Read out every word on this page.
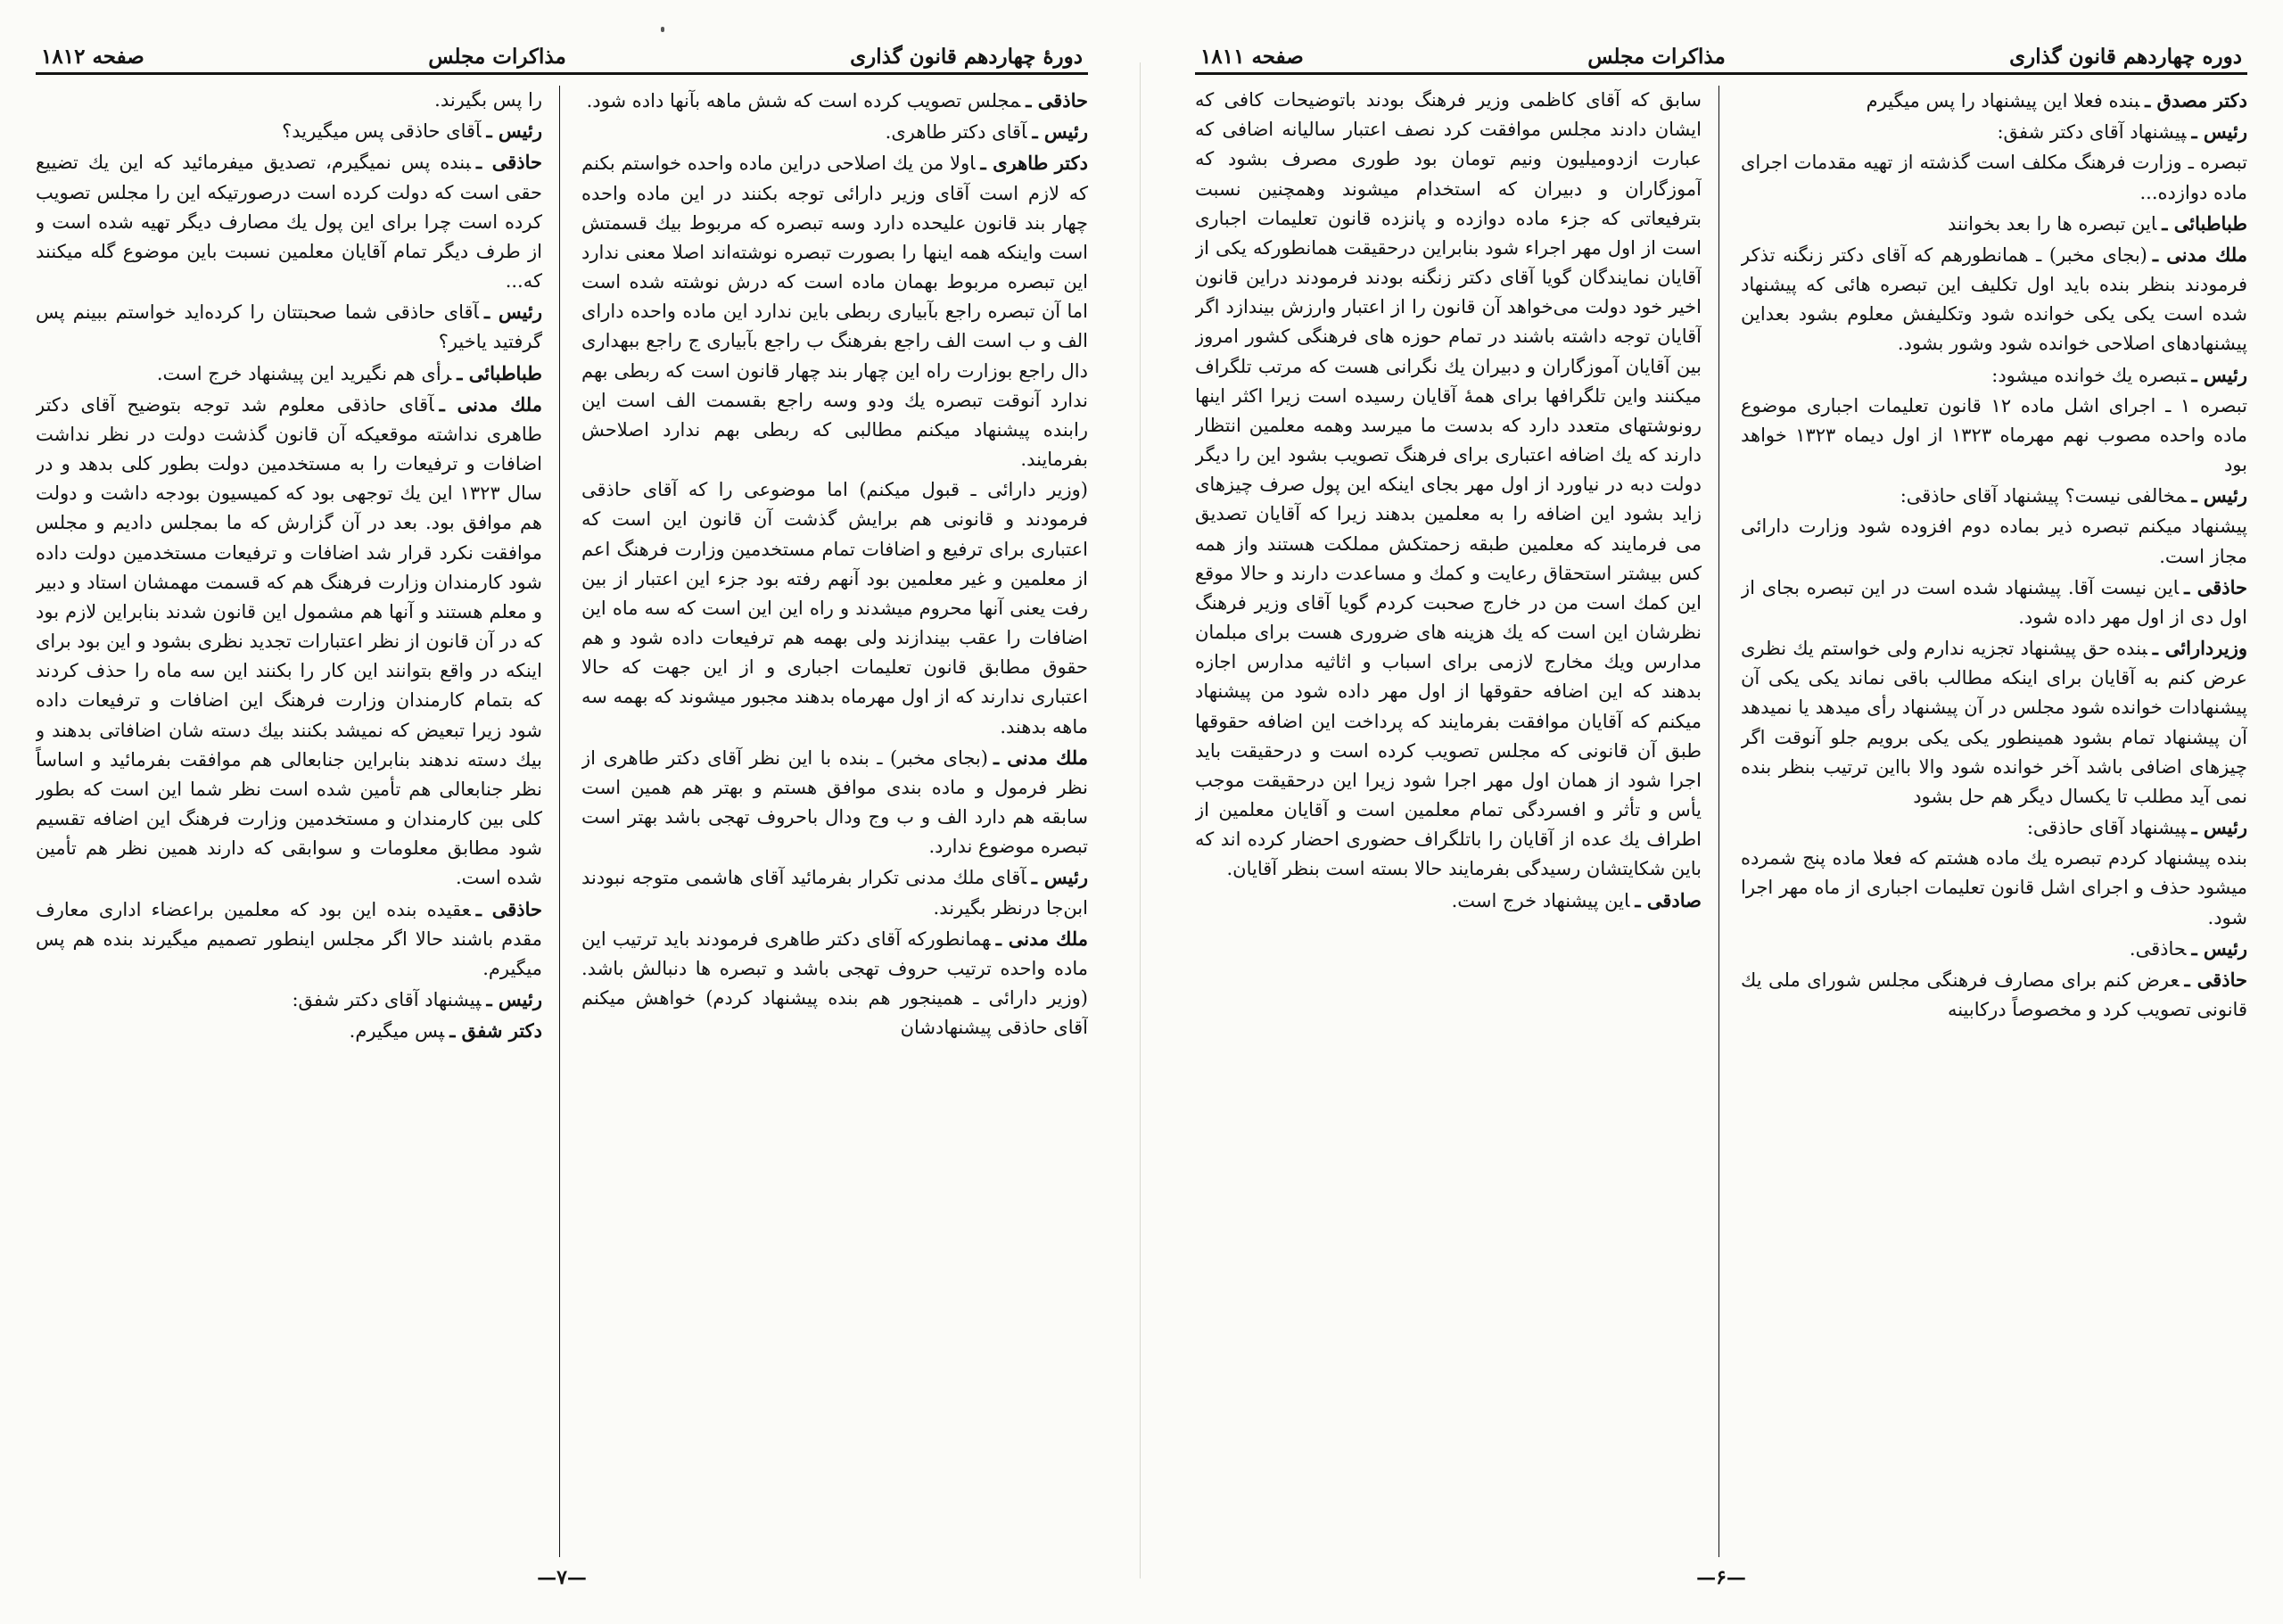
دورهٔ چهاردهم قانون گذاری
مذاکرات مجلس
صفحه ۱۸۱۲

حاذقی ـمجلس تصویب کرده است که شش ماهه بآنها داده شود.

رئیس ـآقای دکتر طاهری.

دکتر طاهری ـاولا من یك اصلاحی دراین ماده واحده خواستم بکنم که لازم است آقای وزیر دارائی توجه بکنند در این ماده واحده چهار بند قانون علیحده دارد وسه تبصره که مربوط بیك قسمتش است واینکه همه اینها را بصورت تبصره نوشته‌اند اصلا معنی ندارد این تبصره مربوط بهمان ماده است که درش نوشته شده است اما آن تبصره راجع بآبیاری ربطی باین ندارد این ماده واحده دارای الف و ب است الف راجع بفرهنگ ب راجع بآبیاری ج راجع ببهداری دال راجع بوزارت راه این چهار بند چهار قانون است که ربطی بهم ندارد آنوقت تبصره یك ودو وسه راجع بقسمت الف است این رابنده پیشنهاد میکنم مطالبی که ربطی بهم ندارد اصلاحش بفرمایند.

(وزیر دارائی ـ قبول میکنم) اما موضوعی را که آقای حاذقی فرمودند و قانونی هم برایش گذشت آن قانون این است که اعتباری برای ترفیع و اضافات تمام مستخدمین وزارت فرهنگ اعم از معلمین و غیر معلمین بود آنهم رفته بود جزء این اعتبار از بین رفت یعنی آنها محروم میشدند و راه این این است که سه ماه این اضافات را عقب بیندازند ولی بهمه هم ترفیعات داده شود و هم حقوق مطابق قانون تعلیمات اجباری و از این جهت که حالا اعتباری ندارند که از اول مهرماه بدهند مجبور میشوند که بهمه سه ماهه بدهند.

ملك مدنی ـ(بجای مخبر) ـ بنده با این نظر آقای دکتر طاهری از نظر فرمول و ماده بندی موافق هستم و بهتر هم همین است سابقه هم دارد الف و ب وج ودال باحروف تهجی باشد بهتر است تبصره موضوع ندارد.

رئیس ـآقای ملك مدنی تکرار بفرمائید آقای هاشمی متوجه نبودند ابن‌جا درنظر بگیرند.

ملك مدنی ـهمانطورکه آقای دکتر طاهری فرمودند باید ترتیب این ماده واحده ترتیب حروف تهجی باشد و تبصره ها دنبالش باشد. (وزیر دارائی ـ همینجور هم بنده پیشنهاد کردم) خواهش میکنم آقای حاذقی پیشنهادشان

را پس بگیرند.

رئیس ـآقای حاذقی پس میگیرید؟

حاذقی ـبنده پس نمیگیرم، تصدیق میفرمائید که این یك تضییع حقی است که دولت کرده است درصورتیکه این را مجلس تصویب کرده است چرا برای این پول یك مصارف دیگر تهیه شده است و از طرف دیگر تمام آقایان معلمین نسبت باین موضوع گله میکنند که...

رئیس ـآقای حاذقی شما صحبتتان را کرده‌اید خواستم ببینم پس گرفتید یاخیر؟

طباطبائی ـرأی هم نگیرید این پیشنهاد خرج است.

ملك مدنی ـآقای حاذقی معلوم شد توجه بتوضیح آقای دکتر طاهری نداشته موقعیکه آن قانون گذشت دولت در نظر نداشت اضافات و ترفیعات را به مستخدمین دولت بطور کلی بدهد و در سال ۱۳۲۳ این یك توجهی بود که کمیسیون بودجه داشت و دولت هم موافق بود. بعد در آن گزارش که ما بمجلس دادیم و مجلس موافقت نکرد قرار شد اضافات و ترفیعات مستخدمین دولت داده شود کارمندان وزارت فرهنگ هم که قسمت مهمشان استاد و دبیر و معلم هستند و آنها هم مشمول این قانون شدند بنابراین لازم بود که در آن قانون از نظر اعتبارات تجدید نظری بشود و این بود برای اینکه در واقع بتوانند این کار را بکنند این سه ماه را حذف کردند که بتمام کارمندان وزارت فرهنگ این اضافات و ترفیعات داده شود زیرا تبعیض که نمیشد بکنند بیك دسته شان اضافاتی بدهند و بیك دسته ندهند بنابراین جنابعالی هم موافقت بفرمائید و اساساً نظر جنابعالی هم تأمین شده است نظر شما این است که بطور کلی بین کارمندان و مستخدمین وزارت فرهنگ این اضافه تقسیم شود مطابق معلومات و سوابقی که دارند همین نظر هم تأمین شده است.

حاذقی ـعقیده بنده این بود که معلمین براعضاء اداری معارف مقدم باشند حالا اگر مجلس اینطور تصمیم میگیرند بنده هم پس میگیرم.

رئیس ـپیشنهاد آقای دکتر شفق:

دکتر شفق ـپس میگیرم.

—۷—
دوره چهاردهم قانون گذاری
مذاکرات مجلس
صفحه ۱۸۱۱

دکتر مصدق ـبنده فعلا این پیشنهاد را پس میگیرم

رئیس ـپیشنهاد آقای دکتر شفق:

تبصره ـ وزارت فرهنگ مکلف است گذشته از تهیه مقدمات اجرای ماده دوازده...

طباطبائی ـاین تبصره ها را بعد بخوانند

ملك مدنی ـ(بجای مخبر) ـ همانطورهم که آقای دکتر زنگنه تذکر فرمودند بنظر بنده باید اول تکلیف این تبصره هائی که پیشنهاد شده است یکی یکی خوانده شود وتکلیفش معلوم بشود بعداین پیشنهادهای اصلاحی خوانده شود وشور بشود.

رئیس ـتبصره یك خوانده میشود:

تبصره ۱ ـ اجرای اشل ماده ۱۲ قانون تعلیمات اجباری موضوع ماده واحده مصوب نهم مهرماه ۱۳۲۳ از اول دیماه ۱۳۲۳ خواهد بود

رئیس ـمخالفی نیست؟ پیشنهاد آقای حاذقی:

پیشنهاد میکنم تبصره ذیر بماده دوم افزوده شود وزارت دارائی مجاز است.

حاذقی ـاین نیست آقا. پیشنهاد شده است در این تبصره بجای از اول دی از اول مهر داده شود.

وزیردارائی ـبنده حق پیشنهاد تجزیه ندارم ولی خواستم یك نظری عرض کنم به آقایان برای اینکه مطالب باقی نماند یکی یکی آن پیشنهادات خوانده شود مجلس در آن پیشنهاد رأی میدهد یا نمیدهد آن پیشنهاد تمام بشود همینطور یکی یکی برویم جلو آنوقت اگر چیزهای اضافی باشد آخر خوانده شود والا بااین ترتیب بنظر بنده نمی آید مطلب تا یکسال دیگر هم حل بشود

رئیس ـپیشنهاد آقای حاذقی:

بنده پیشنهاد کردم تبصره یك ماده هشتم که فعلا ماده پنج شمرده میشود حذف و اجرای اشل قانون تعلیمات اجباری از ماه مهر اجرا شود.

رئیس ـحاذقی.

حاذقی ـعرض کنم برای مصارف فرهنگی مجلس شورای ملی یك قانونی تصویب کرد و مخصوصاً درکابینه

سابق که آقای کاظمی وزیر فرهنگ بودند باتوضیحات کافی که ایشان دادند مجلس موافقت کرد نصف اعتبار سالیانه اضافی که عبارت ازدومیلیون ونیم تومان بود طوری مصرف بشود که آموزگاران و دبیران که استخدام میشوند وهمچنین نسبت بترفیعاتی که جزء ماده دوازده و پانزده قانون تعلیمات اجباری است از اول مهر اجراء شود بنابراین درحقیقت همانطورکه یکی از آقایان نمایندگان گویا آقای دکتر زنگنه بودند فرمودند دراین قانون اخیر خود دولت می‌خواهد آن قانون را از اعتبار وارزش بیندازد اگر آقایان توجه داشته باشند در تمام حوزه های فرهنگی کشور امروز بین آقایان آموزگاران و دبیران یك نگرانی هست که مرتب تلگراف میکنند واین تلگرافها برای همهٔ آقایان رسیده است زیرا اکثر اینها رونوشتهای متعدد دارد که بدست ما میرسد وهمه معلمین انتظار دارند که یك اضافه اعتباری برای فرهنگ تصویب بشود این را دیگر دولت دبه در نیاورد از اول مهر بجای اینکه این پول صرف چیزهای زاید بشود این اضافه را به معلمین بدهند زیرا که آقایان تصدیق می فرمایند که معلمین طبقه زحمتکش مملکت هستند واز همه کس بیشتر استحقاق رعایت و کمك و مساعدت دارند و حالا موقع این کمك است من در خارج صحبت کردم گویا آقای وزیر فرهنگ نظرشان این است که یك هزینه های ضروری هست برای مبلمان مدارس ویك مخارج لازمی برای اسباب و اثاثیه مدارس اجازه بدهند که این اضافه حقوقها از اول مهر داده شود من پیشنهاد میکنم که آقایان موافقت بفرمایند که پرداخت این اضافه حقوقها طبق آن قانونی که مجلس تصویب کرده است و درحقیقت باید اجرا شود از همان اول مهر اجرا شود زیرا این درحقیقت موجب یأس و تأثر و افسردگی تمام معلمین است و آقایان معلمین از اطراف یك عده از آقایان را باتلگراف حضوری احضار کرده اند که باین شکایتشان رسیدگی بفرمایند حالا بسته است بنظر آقایان.

صادقی ـاین پیشنهاد خرج است.

—۶—
